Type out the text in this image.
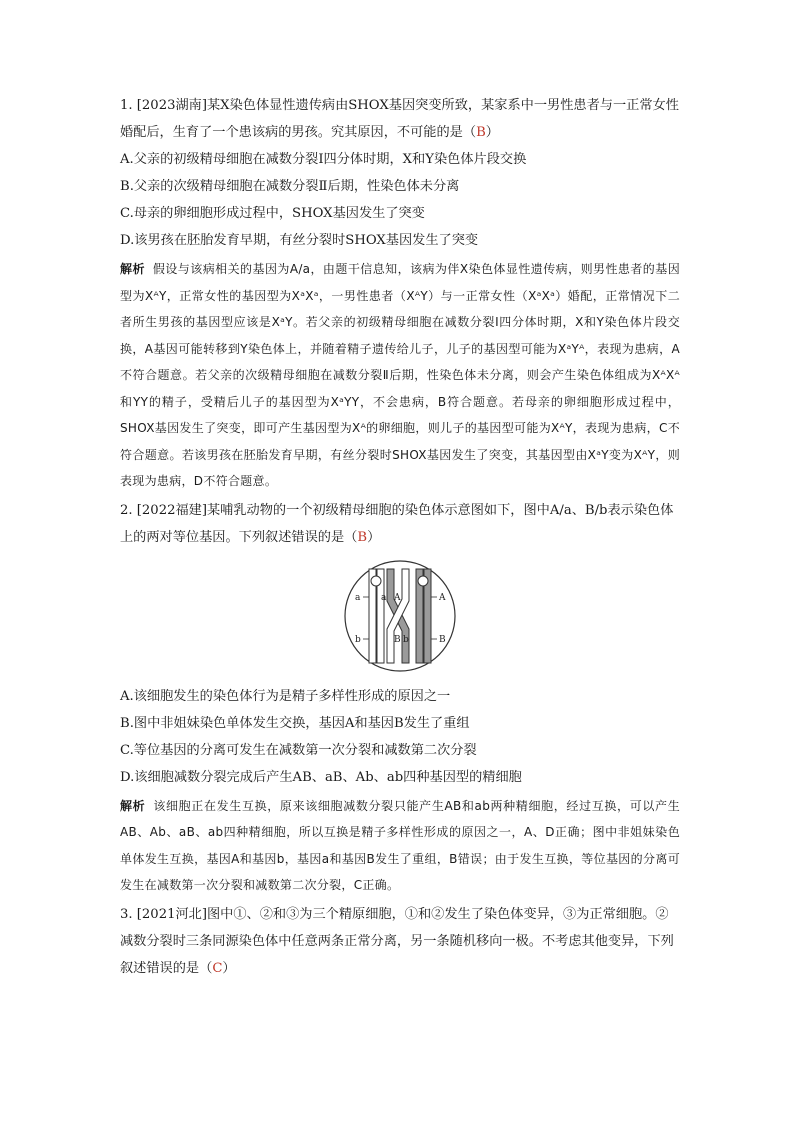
1. [2023湖南]某X染色体显性遗传病由SHOX基因突变所致，某家系中一男性患者与一正常女性婚配后，生育了一个患该病的男孩。究其原因，不可能的是（B）

A.父亲的初级精母细胞在减数分裂Ⅰ四分体时期，X和Y染色体片段交换

B.父亲的次级精母细胞在减数分裂Ⅱ后期，性染色体未分离

C.母亲的卵细胞形成过程中，SHOX基因发生了突变

D.该男孩在胚胎发育早期，有丝分裂时SHOX基因发生了突变

解析 假设与该病相关的基因为A/a，由题干信息知，该病为伴X染色体显性遗传病，则男性患者的基因型为XᴬY，正常女性的基因型为XᵃXᵃ，一男性患者（XᴬY）与一正常女性（XᵃXᵃ）婚配，正常情况下二者所生男孩的基因型应该是XᵃY。若父亲的初级精母细胞在减数分裂Ⅰ四分体时期，X和Y染色体片段交换，A基因可能转移到Y染色体上，并随着精子遗传给儿子，儿子的基因型可能为XᵃYᴬ，表现为患病，A不符合题意。若父亲的次级精母细胞在减数分裂Ⅱ后期，性染色体未分离，则会产生染色体组成为XᴬXᴬ和YY的精子，受精后儿子的基因型为XᵃYY，不会患病，B符合题意。若母亲的卵细胞形成过程中，SHOX基因发生了突变，即可产生基因型为Xᴬ的卵细胞，则儿子的基因型可能为XᴬY，表现为患病，C不符合题意。若该男孩在胚胎发育早期，有丝分裂时SHOX基因发生了突变，其基因型由XᵃY变为XᴬY，则表现为患病，D不符合题意。

2. [2022福建]某哺乳动物的一个初级精母细胞的染色体示意图如下，图中A/a、B/b表示染色体上的两对等位基因。下列叙述错误的是（B）

a a A	A
b	B b	B

A.该细胞发生的染色体行为是精子多样性形成的原因之一

B.图中非姐妹染色单体发生交换，基因A和基因B发生了重组

C.等位基因的分离可发生在减数第一次分裂和减数第二次分裂

D.该细胞减数分裂完成后产生AB、aB、Ab、ab四种基因型的精细胞

解析 该细胞正在发生互换，原来该细胞减数分裂只能产生AB和ab两种精细胞，经过互换，可以产生AB、Ab、aB、ab四种精细胞，所以互换是精子多样性形成的原因之一，A、D正确；图中非姐妹染色单体发生互换，基因A和基因b，基因a和基因B发生了重组，B错误；由于发生互换，等位基因的分离可发生在减数第一次分裂和减数第二次分裂，C正确。

3. [2021河北]图中①、②和③为三个精原细胞，①和②发生了染色体变异，③为正常细胞。②减数分裂时三条同源染色体中任意两条正常分离，另一条随机移向一极。不考虑其他变异，下列叙述错误的是（C）
